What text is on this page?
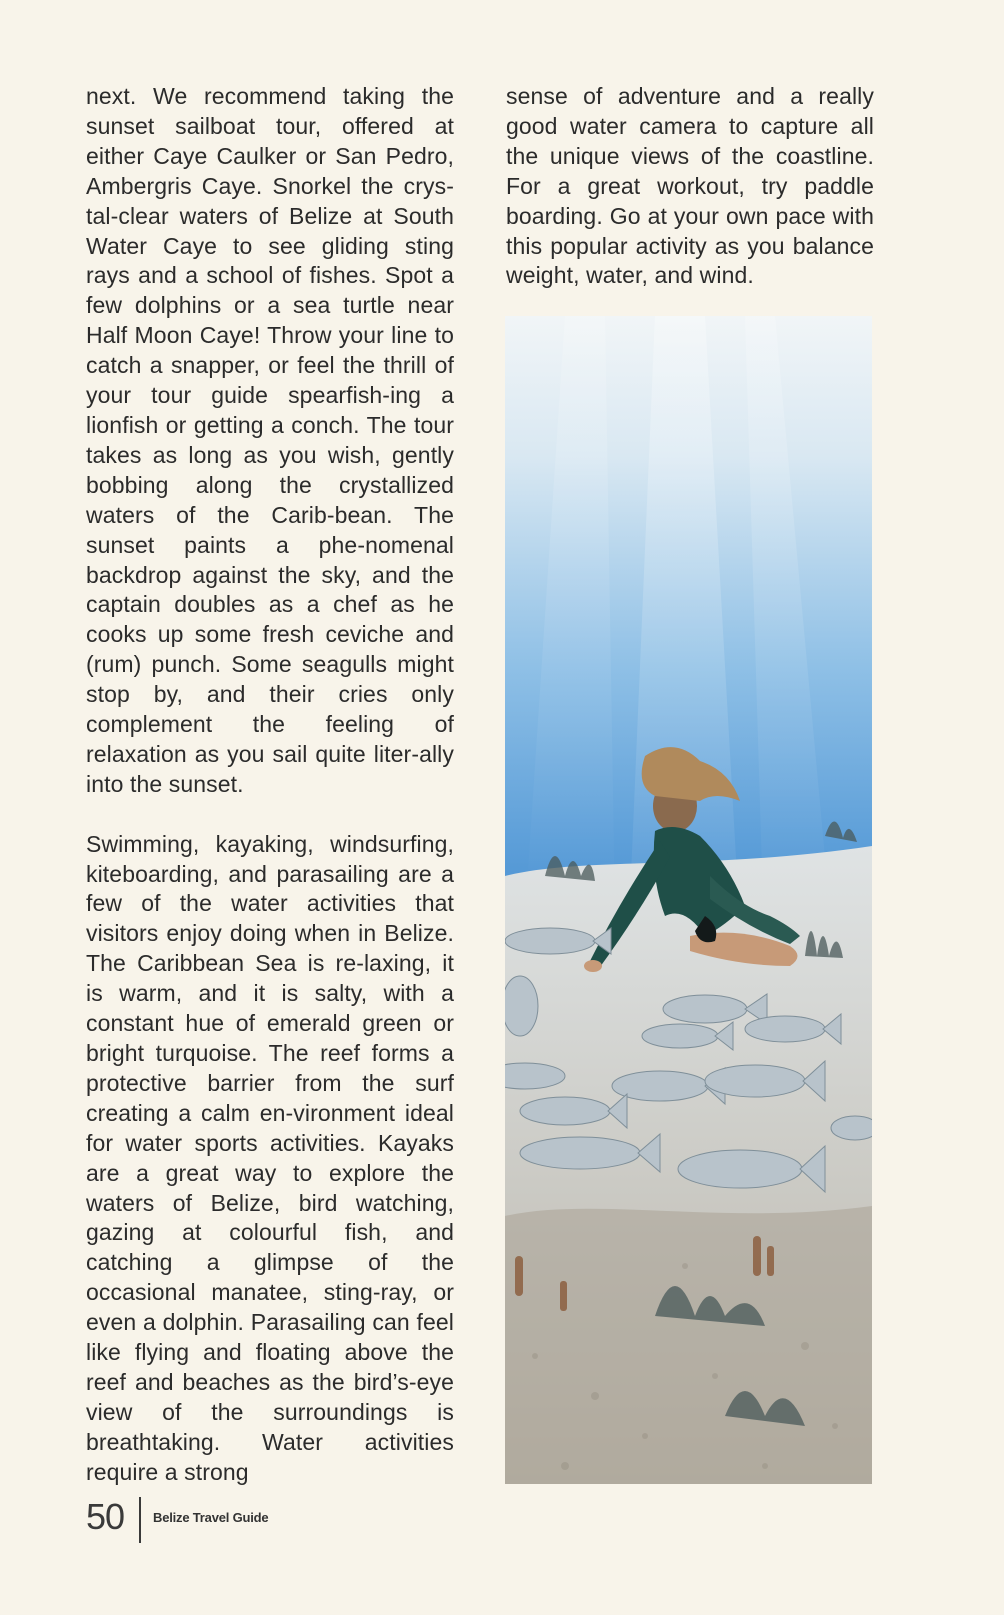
next. We recommend taking the sunset sailboat tour, offered at either Caye Caulker or San Pedro, Ambergris Caye. Snorkel the crys-tal-clear waters of Belize at South Water Caye to see gliding sting rays and a school of fishes. Spot a few dolphins or a sea turtle near Half Moon Caye! Throw your line to catch a snapper, or feel the thrill of your tour guide spearfish-ing a lionfish or getting a conch. The tour takes as long as you wish, gently bobbing along the crystallized waters of the Carib-bean. The sunset paints a phe-nomenal backdrop against the sky, and the captain doubles as a chef as he cooks up some fresh ceviche and (rum) punch. Some seagulls might stop by, and their cries only complement the feeling of relaxation as you sail quite liter-ally into the sunset.

Swimming, kayaking, windsurfing, kiteboarding, and parasailing are a few of the water activities that visitors enjoy doing when in Belize. The Caribbean Sea is re-laxing, it is warm, and it is salty, with a constant hue of emerald green or bright turquoise. The reef forms a protective barrier from the surf creating a calm en-vironment ideal for water sports activities. Kayaks are a great way to explore the waters of Belize, bird watching, gazing at colourful fish, and catching a glimpse of the occasional manatee, sting-ray, or even a dolphin. Parasailing can feel like flying and floating above the reef and beaches as the bird’s-eye view of the surroundings is breathtaking. Water activities require a strong

sense of adventure and a really good water camera to capture all the unique views of the coastline. For a great workout, try paddle boarding. Go at your own pace with this popular activity as you balance weight, water, and wind.

50 Belize Travel Guide
